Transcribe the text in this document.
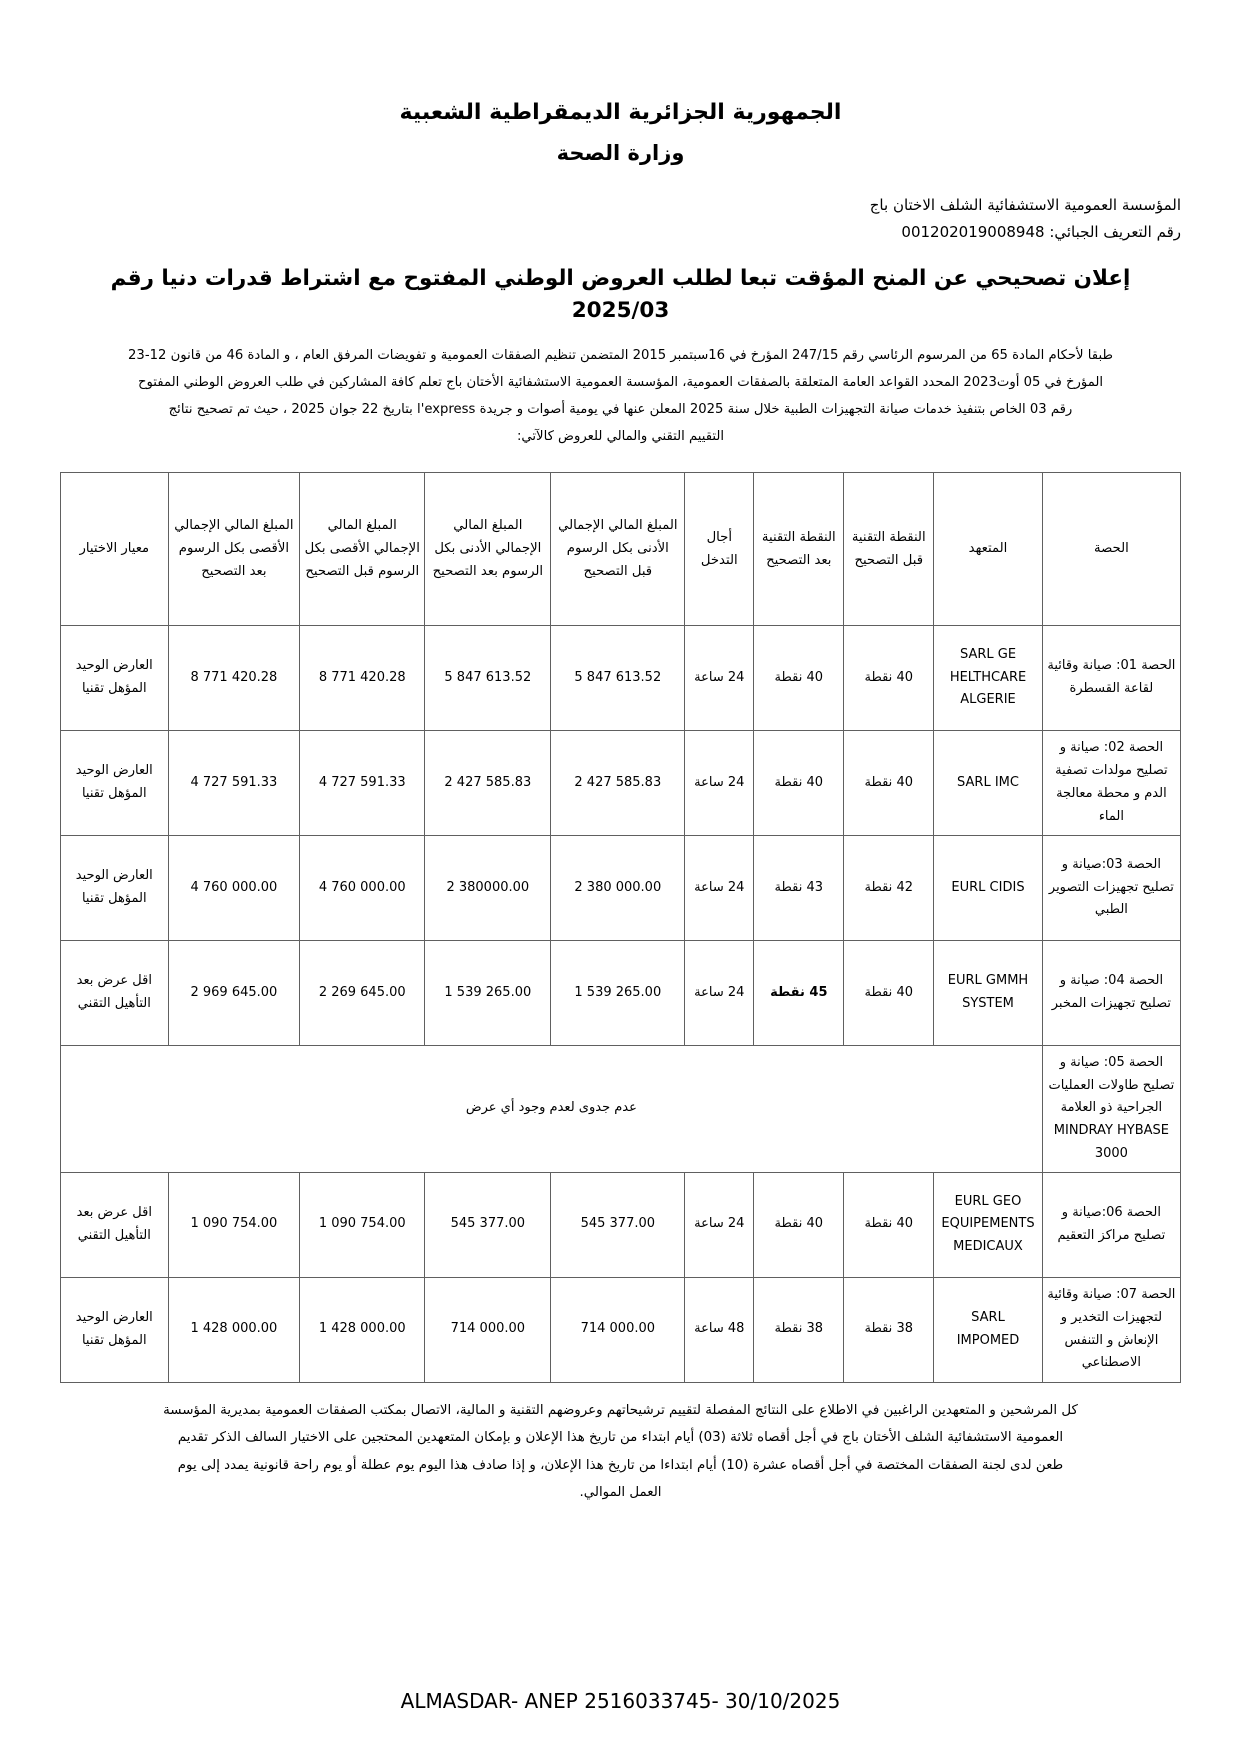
الجمهورية الجزائرية الديمقراطية الشعبية
وزارة الصحة
المؤسسة العمومية الاستشفائية الشلف الاختان باج
رقم التعريف الجبائي: 001202019008948
إعلان تصحيحي عن المنح المؤقت تبعا لطلب العروض الوطني المفتوح مع اشتراط قدرات دنيا رقم 2025/03

طبقا لأحكام المادة 65 من المرسوم الرئاسي رقم 247/15 المؤرخ في 16سبتمبر 2015 المتضمن تنظيم الصفقات العمومية و تفويضات المرفق العام ، و المادة 46 من قانون 12-23

المؤرخ في 05 أوت2023 المحدد القواعد العامة المتعلقة بالصفقات العمومية، المؤسسة العمومية الاستشفائية الأختان باج تعلم كافة المشاركين في طلب العروض الوطني المفتوح

رقم 03 الخاص بتنفيذ خدمات صيانة التجهيزات الطبية خلال سنة 2025 المعلن عنها في يومية أصوات و جريدة l'express بتاريخ 22 جوان 2025 ، حيث تم تصحيح نتائج

التقييم التقني والمالي للعروض كالآتي:

الحصة	المتعهد	النقطة التقنية قبل التصحيح	النقطة التقنية بعد التصحيح	أجال التدخل	المبلغ المالي الإجمالي الأدنى بكل الرسوم قبل التصحيح	المبلغ المالي الإجمالي الأدنى بكل الرسوم بعد التصحيح	المبلغ المالي الإجمالي الأقصى بكل الرسوم قبل التصحيح	المبلغ المالي الإجمالي الأقصى بكل الرسوم بعد التصحيح	معيار الاختيار
الحصة 01: صيانة وقائية لقاعة القسطرة	SARL GE HELTHCARE ALGERIE	40 نقطة	40 نقطة	24 ساعة	5 847 613.52	5 847 613.52	8 771 420.28	8 771 420.28	العارض الوحيد المؤهل تقنيا
الحصة 02: صيانة و تصليح مولدات تصفية الدم و محطة معالجة الماء	SARL IMC	40 نقطة	40 نقطة	24 ساعة	2 427 585.83	2 427 585.83	4 727 591.33	4 727 591.33	العارض الوحيد المؤهل تقنيا
الحصة 03:صيانة و تصليح تجهيزات التصوير الطبي	EURL CIDIS	42 نقطة	43 نقطة	24 ساعة	2 380 000.00	2 380000.00	4 760 000.00	4 760 000.00	العارض الوحيد المؤهل تقنيا
الحصة 04: صيانة و تصليح تجهيزات المخبر	EURL GMMH SYSTEM	40 نقطة	45 نقطة	24 ساعة	1 539 265.00	1 539 265.00	2 269 645.00	2 969 645.00	اقل عرض بعد التأهيل التقني
الحصة 05: صيانة و تصليح طاولات العمليات الجراحية ذو العلامة MINDRAY HYBASE 3000	عدم جدوى لعدم وجود أي عرض								
الحصة 06:صيانة و تصليح مراكز التعقيم	EURL GEO EQUIPEMENTS MEDICAUX	40 نقطة	40 نقطة	24 ساعة	545 377.00	545 377.00	1 090 754.00	1 090 754.00	اقل عرض بعد التأهيل التقني
الحصة 07: صيانة وقائية لتجهيزات التخدير و الإنعاش و التنفس الاصطناعي	SARL IMPOMED	38 نقطة	38 نقطة	48 ساعة	714 000.00	714 000.00	1 428 000.00	1 428 000.00	العارض الوحيد المؤهل تقنيا

كل المرشحين و المتعهدين الراغبين في الاطلاع على النتائج المفصلة لتقييم ترشيحاتهم وعروضهم التقنية و المالية، الاتصال بمكتب الصفقات العمومية بمديرية المؤسسة

العمومية الاستشفائية الشلف الأختان باج في أجل أقصاه ثلاثة (03) أيام ابتداء من تاريخ هذا الإعلان و بإمكان المتعهدين المحتجين على الاختيار السالف الذكر تقديم

طعن لدى لجنة الصفقات المختصة في أجل أقصاه عشرة (10) أيام ابتداءا من تاريخ هذا الإعلان، و إذا صادف هذا اليوم يوم عطلة أو يوم راحة قانونية يمدد إلى يوم

العمل الموالي.

ALMASDAR- ANEP 2516033745- 30/10/2025
